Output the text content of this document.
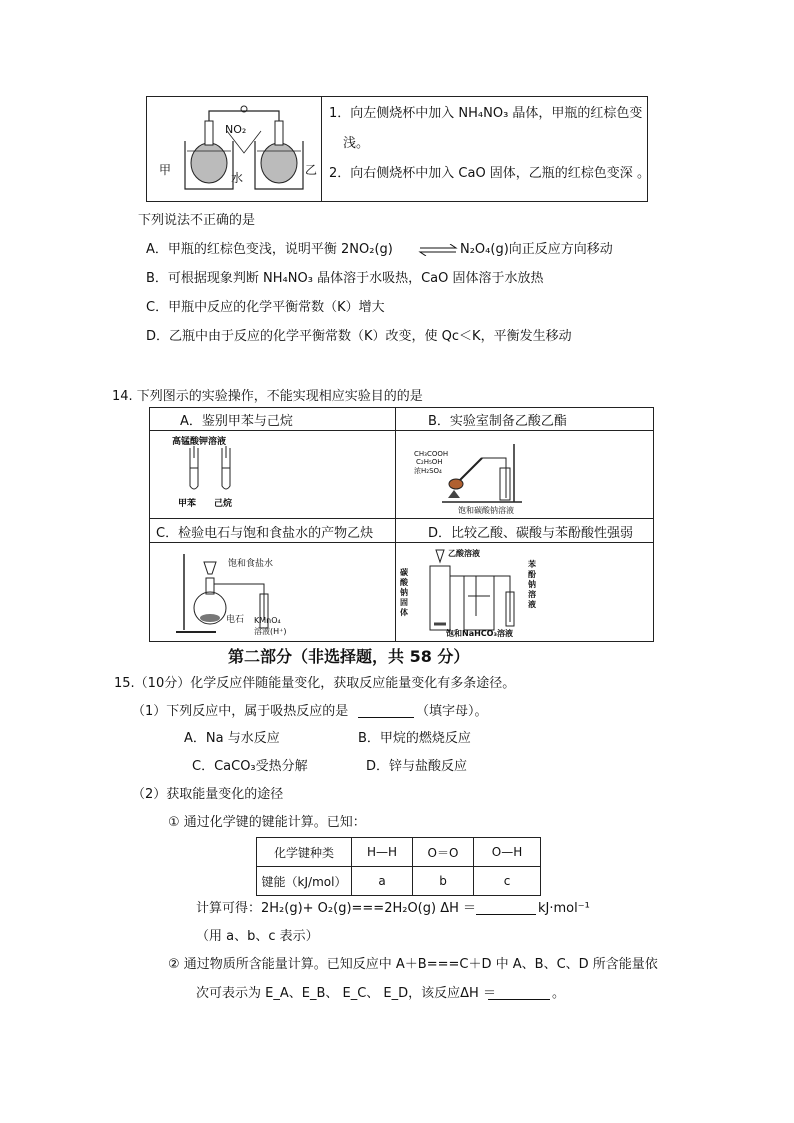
甲	乙
NO₂
水
1．向左侧烧杯中加入 NH₄NO₃ 晶体，甲瓶的红棕色变
浅。
2．向右侧烧杯中加入 CaO 固体，乙瓶的红棕色变深 。
下列说法不正确的是
A．甲瓶的红棕色变浅，说明平衡 2NO₂(g) ⇌ N₂O₄(g)向正反应方向移动
B．可根据现象判断 NH₄NO₃ 晶体溶于水吸热，CaO 固体溶于水放热
C．甲瓶中反应的化学平衡常数（K）增大
D．乙瓶中由于反应的化学平衡常数（K）改变，使 Qc＜K，平衡发生移动
14. 下列图示的实验操作，不能实现相应实验目的的是
A．鉴别甲苯与己烷	B．实验室制备乙酸乙酯
C．检验电石与饱和食盐水的产物乙炔	D．比较乙酸、碳酸与苯酚酸性强弱
高锰酸钾溶液
甲苯 己烷
CH₃COOH
C₂H₅OH
浓H₂SO₄
饱和碳酸钠溶液
饱和食盐水
电石 KMnO₄
溶液(H⁺)
乙酸溶液
碳酸钠固体
苯酚钠溶液
饱和NaHCO₃溶液
第二部分（非选择题，共 58 分）
15.（10分）化学反应伴随能量变化，获取反应能量变化有多条途径。
（1）下列反应中，属于吸热反应的是	（填字母）。
A．Na 与水反应	B．甲烷的燃烧反应
C．CaCO₃受热分解	D．锌与盐酸反应
（2）获取能量变化的途径
① 通过化学键的键能计算。已知：
化学键种类	H—H	O＝O	O—H
键能（kJ/mol）	a	b	c
计算可得：2H₂(g)+ O₂(g)===2H₂O(g) ΔH ＝	kJ·mol⁻¹
（用 a、b、c 表示）
② 通过物质所含能量计算。已知反应中 A＋B===C＋D 中 A、B、C、D 所含能量依
次可表示为 E_A、E_B、 E_C、 E_D，该反应ΔH ＝	。
